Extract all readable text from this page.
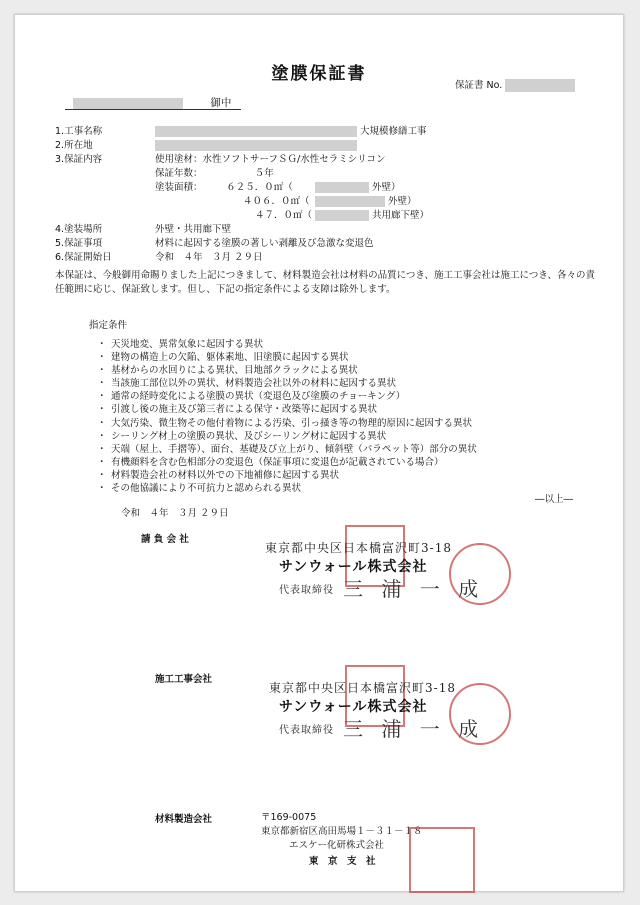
塗膜保証書
保証書 No.
御中
1.工事名称	大規模修繕工事
2.所在地
3.保証内容	使用塗材：水性ソフトサーフＳＧ/水性セラミシリコン
保証年数：　　　　　　５年
塗装面積：　　　６２５．０㎡（	外壁）
４０６．０㎡（	外壁）
４７．０㎡（	共用廊下壁）
4.塗装場所	外壁・共用廊下壁
5.保証事項	材料に起因する塗膜の著しい剥離及び急激な変退色
6.保証開始日	令和　４年　３月 ２９日
本保証は、今般御用命賜りました上記につきまして、材料製造会社は材料の品質につき、施工工事会社は施工につき、各々の責任範囲に応じ、保証致します。但し、下記の指定条件による支障は除外します。
指定条件
・ 天災地変、異常気象に起因する異状
・ 建物の構造上の欠陥、躯体素地、旧塗膜に起因する異状
・ 基材からの水回りによる異状、目地部クラックによる異状
・ 当該施工部位以外の異状、材料製造会社以外の材料に起因する異状
・ 通常の経時変化による塗膜の異状（変退色及び塗膜のチョーキング）
・ 引渡し後の施主及び第三者による保守・改築等に起因する異状
・ 大気汚染、微生物その他付着物による汚染、引っ掻き等の物理的原因に起因する異状
・ シーリング材上の塗膜の異状、及びシーリング材に起因する異状
・ 天端（屋上、手摺等）、面台、基礎及び立上がり、傾斜壁（パラペット等）部分の異状
・ 有機顔料を含む色相部分の変退色（保証事項に変退色が記載されている場合）
・ 材料製造会社の材料以外での下地補修に起因する異状
・ その他協議により不可抗力と認められる異状
―以上―
令和　４年　３月 ２９日
請 負 会 社
東京都中央区日本橋富沢町3-18
サンウォール株式会社
代表取締役 三 浦 一 成
施工工事会社
東京都中央区日本橋富沢町3-18
サンウォール株式会社
代表取締役 三 浦 一 成
材料製造会社	〒169-0075
東京都新宿区高田馬場１－３１－１８
エスケー化研株式会社
東　京　支　社
